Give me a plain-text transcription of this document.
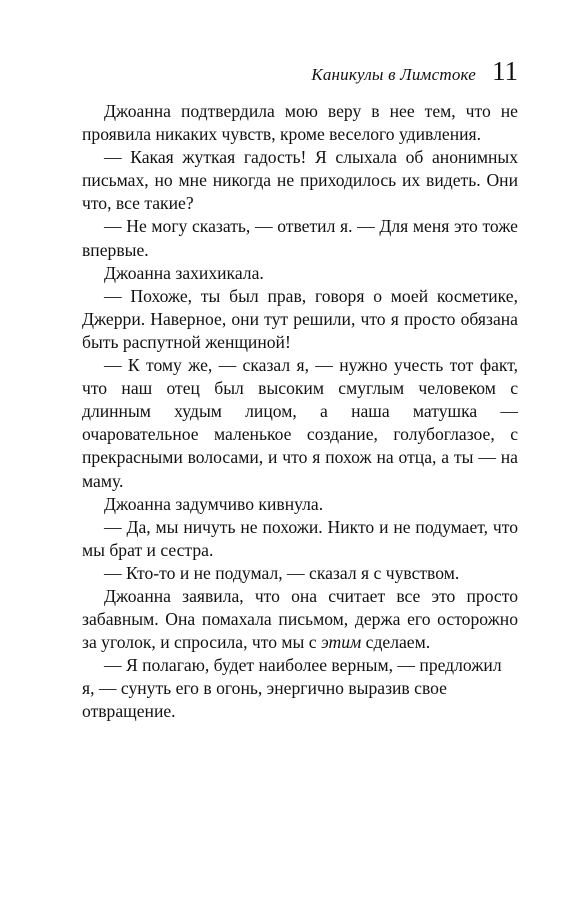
Каникулы в Лимстоке 11

Джоанна подтвердила мою веру в нее тем, что не проявила никаких чувств, кроме веселого удивления.

— Какая жуткая гадость! Я слыхала об анонимных письмах, но мне никогда не приходилось их видеть. Они что, все такие?

— Не могу сказать, — ответил я. — Для меня это тоже впервые.

Джоанна захихикала.

— Похоже, ты был прав, говоря о моей косметике, Джерри. Наверное, они тут решили, что я просто обязана быть распутной женщиной!

— К тому же, — сказал я, — нужно учесть тот факт, что наш отец был высоким смуглым человеком с длинным худым лицом, а наша матушка — очаровательное маленькое создание, голубоглазое, с прекрасными волосами, и что я похож на отца, а ты — на маму.

Джоанна задумчиво кивнула.

— Да, мы ничуть не похожи. Никто и не подумает, что мы брат и сестра.

— Кто-то и не подумал, — сказал я с чувством.

Джоанна заявила, что она считает все это просто забавным. Она помахала письмом, держа его осторожно за уголок, и спросила, что мы с этим сделаем.

— Я полагаю, будет наиболее верным, — предложил я, — сунуть его в огонь, энергично выразив свое отвращение.
